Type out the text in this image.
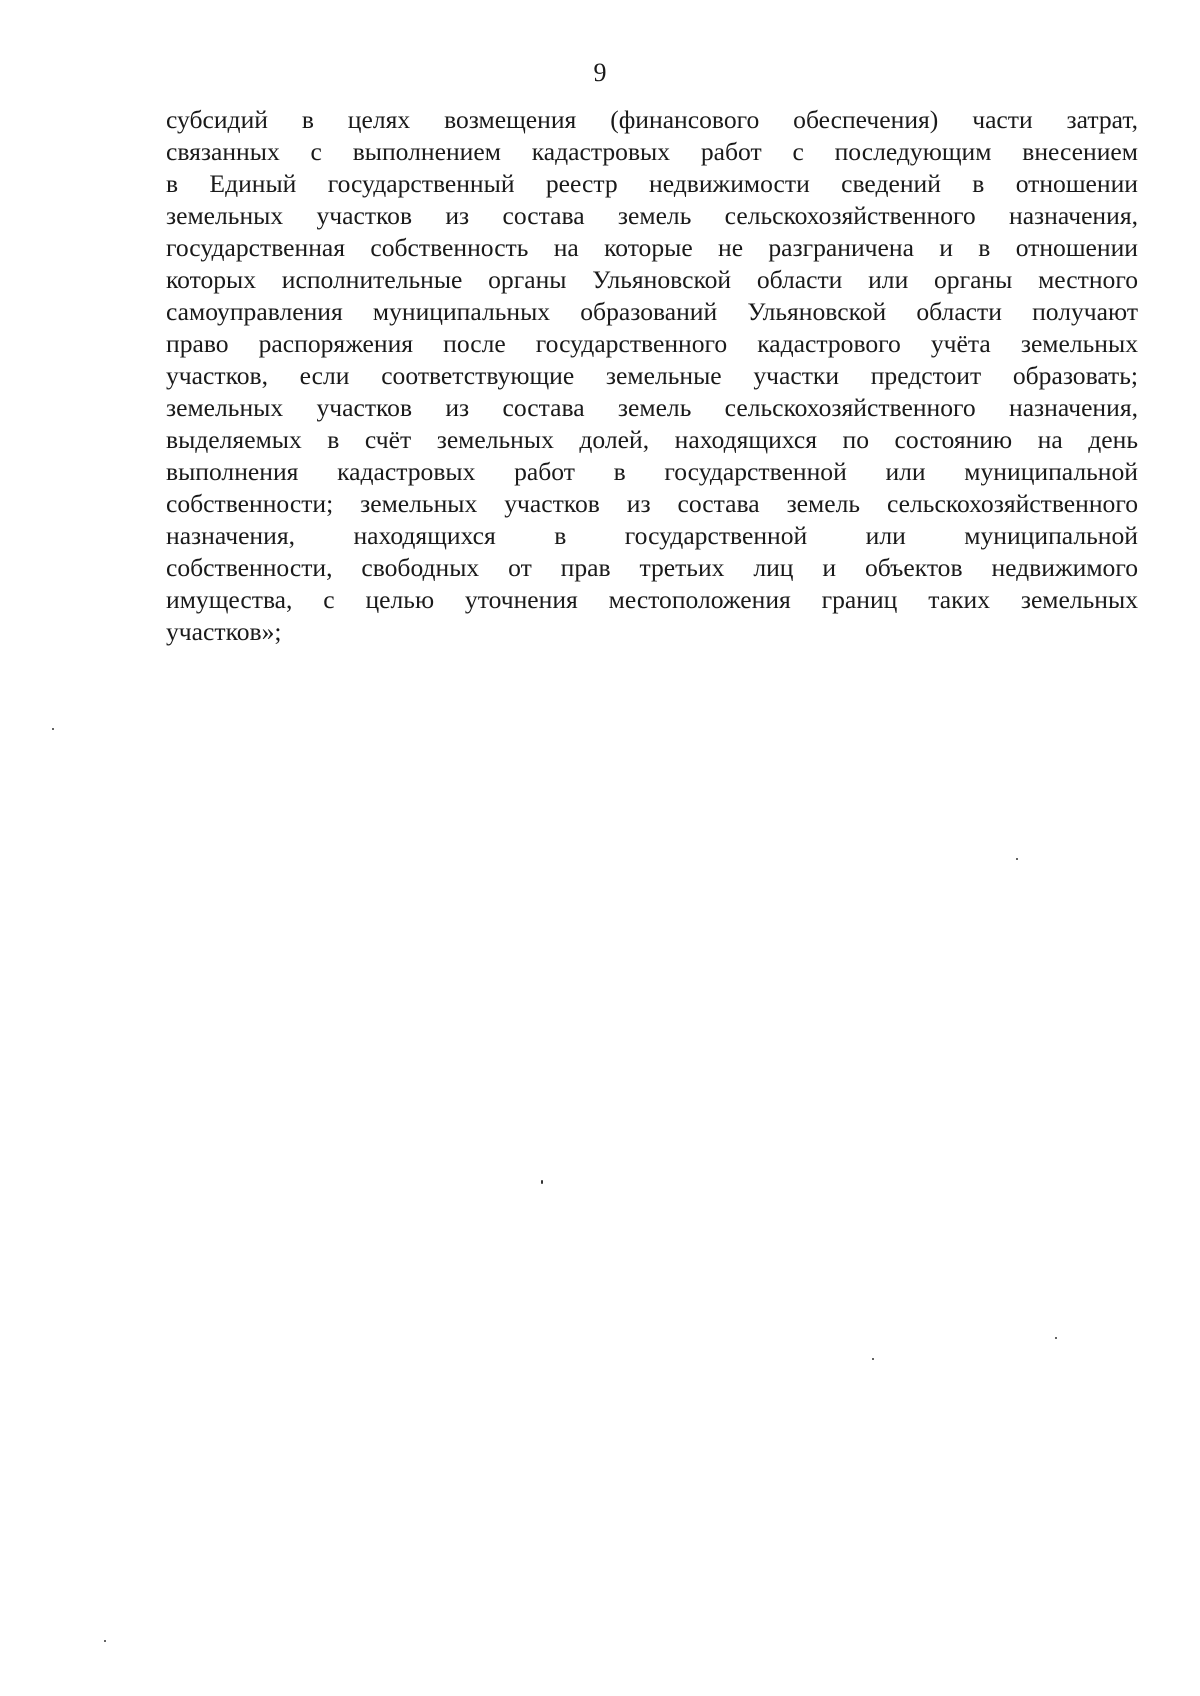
9
субсидий в целях возмещения (финансового обеспечения) части затрат,
связанных с выполнением кадастровых работ с последующим внесением
в Единый государственный реестр недвижимости сведений в отношении
земельных участков из состава земель сельскохозяйственного назначения,
государственная собственность на которые не разграничена и в отношении
которых исполнительные органы Ульяновской области или органы местного
самоуправления муниципальных образований Ульяновской области получают
право распоряжения после государственного кадастрового учёта земельных
участков, если соответствующие земельные участки предстоит образовать;
земельных участков из состава земель сельскохозяйственного назначения,
выделяемых в счёт земельных долей, находящихся по состоянию на день
выполнения кадастровых работ в государственной или муниципальной
собственности; земельных участков из состава земель сельскохозяйственного
назначения, находящихся в государственной или муниципальной
собственности, свободных от прав третьих лиц и объектов недвижимого
имущества, с целью уточнения местоположения границ таких земельных
участков»;
